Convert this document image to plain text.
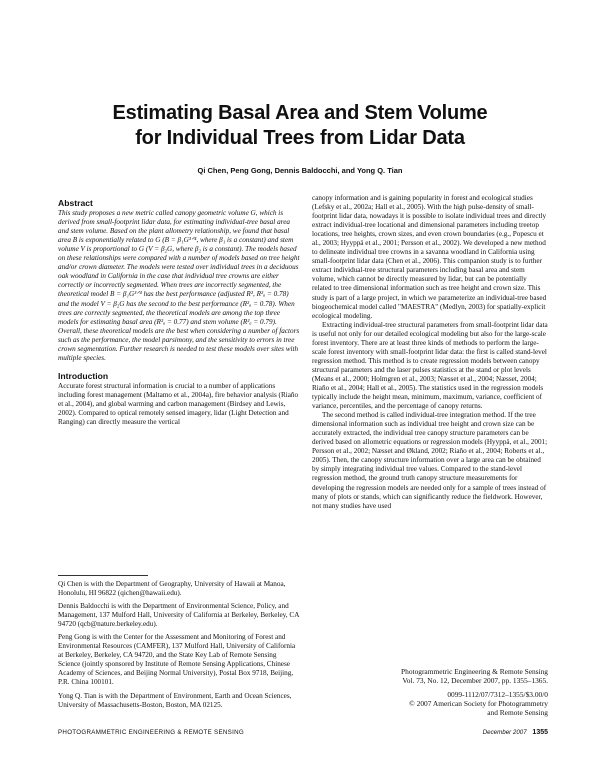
Estimating Basal Area and Stem Volume
for Individual Trees from Lidar Data
Qi Chen, Peng Gong, Dennis Baldocchi, and Yong Q. Tian
Abstract

This study proposes a new metric called canopy geometric volume G, which is derived from small-footprint lidar data, for estimating individual-tree basal area and stem volume. Based on the plant allometry relationship, we found that basal area B is exponentially related to G (B = β₁G³ᐟ⁴, where β₁ is a constant) and stem volume V is proportional to G (V = β₂G, where β₂ is a constant). The models based on these relationships were compared with a number of models based on tree height and/or crown diameter. The models were tested over individual trees in a deciduous oak woodland in California in the case that individual tree crowns are either correctly or incorrectly segmented. When trees are incorrectly segmented, the theoretical model B = β₁G³ᐟ⁴ has the best performance (adjusted R², R²ₐ = 0.78) and the model V = β₂G has the second to the best performance (R²ₐ = 0.78). When trees are correctly segmented, the theoretical models are among the top three models for estimating basal area (R²ₐ = 0.77) and stem volume (R²ₐ = 0.79). Overall, these theoretical models are the best when considering a number of factors such as the performance, the model parsimony, and the sensitivity to errors in tree crown segmentation. Further research is needed to test these models over sites with multiple species.

Introduction

Accurate forest structural information is crucial to a number of applications including forest management (Maltamo et al., 2004a), fire behavior analysis (Riaño et al., 2004), and global warming and carbon management (Birdsey and Lewis, 2002). Compared to optical remotely sensed imagery, lidar (Light Detection and Ranging) can directly measure the vertical

Qi Chen is with the Department of Geography, University of Hawaii at Manoa, Honolulu, HI 96822 (qichen@hawaii.edu).

Dennis Baldocchi is with the Department of Environmental Science, Policy, and Management, 137 Mulford Hall, University of California at Berkeley, Berkeley, CA 94720 (qcb@nature.berkeley.edu).

Peng Gong is with the Center for the Assessment and Monitoring of Forest and Environmental Resources (CAMFER), 137 Mulford Hall, University of California at Berkeley, Berkeley, CA 94720, and the State Key Lab of Remote Sensing Science (jointly sponsored by Institute of Remote Sensing Applications, Chinese Academy of Sciences, and Beijing Normal University), Postal Box 9718, Beijing, P.R. China 100101.

Yong Q. Tian is with the Department of Environment, Earth and Ocean Sciences, University of Massachusetts-Boston, Boston, MA 02125.

canopy information and is gaining popularity in forest and ecological studies (Lefsky et al., 2002a; Hall et al., 2005). With the high pulse-density of small-footprint lidar data, nowadays it is possible to isolate individual trees and directly extract individual-tree locational and dimensional parameters including treetop locations, tree heights, crown sizes, and even crown boundaries (e.g., Popescu et al., 2003; Hyyppä et al., 2001; Persson et al., 2002). We developed a new method to delineate individual tree crowns in a savanna woodland in California using small-footprint lidar data (Chen et al., 2006). This companion study is to further extract individual-tree structural parameters including basal area and stem volume, which cannot be directly measured by lidar, but can be potentially related to tree dimensional information such as tree height and crown size. This study is part of a large project, in which we parameterize an individual-tree based biogeochemical model called "MAESTRA" (Medlyn, 2003) for spatially-explicit ecological modeling.

Extracting individual-tree structural parameters from small-footprint lidar data is useful not only for our detailed ecological modeling but also for the large-scale forest inventory. There are at least three kinds of methods to perform the large-scale forest inventory with small-footprint lidar data: the first is called stand-level regression method. This method is to create regression models between canopy structural parameters and the laser pulses statistics at the stand or plot levels (Means et al., 2000; Holmgren et al., 2003; Næsset et al., 2004; Næsset, 2004; Riaño et al., 2004; Hall et al., 2005). The statistics used in the regression models typically include the height mean, minimum, maximum, variance, coefficient of variance, percentiles, and the percentage of canopy returns.

The second method is called individual-tree integration method. If the tree dimensional information such as individual tree height and crown size can be accurately extracted, the individual tree canopy structure parameters can be derived based on allometric equations or regression models (Hyyppä, et al., 2001; Persson et al., 2002; Næsset and Økland, 2002; Riaño et al., 2004; Roberts et al., 2005). Then, the canopy structure information over a large area can be obtained by simply integrating individual tree values. Compared to the stand-level regression method, the ground truth canopy structure measurements for developing the regression models are needed only for a sample of trees instead of many of plots or stands, which can significantly reduce the fieldwork. However, not many studies have used

Photogrammetric Engineering & Remote Sensing

Vol. 73, No. 12, December 2007, pp. 1355–1365.

0099-1112/07/7312–1355/$3.00/0

© 2007 American Society for Photogrammetry

and Remote Sensing

PHOTOGRAMMETRIC ENGINEERING & REMOTE SENSING	December 2007 1355
